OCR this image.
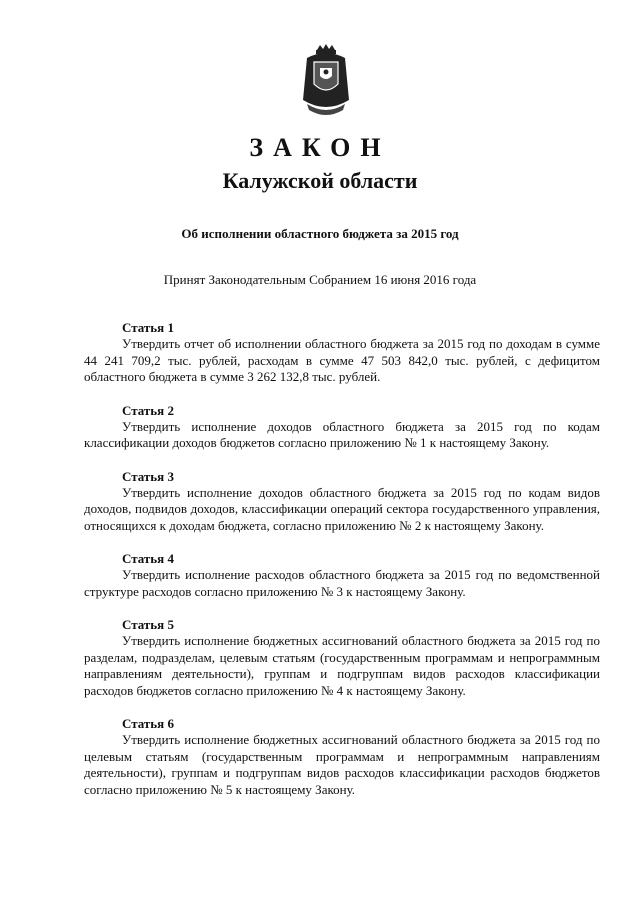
ЗАКОН
Калужской области
Об исполнении областного бюджета за 2015 год
Принят Законодательным Собранием 16 июня 2016 года
Статья 1

Утвердить отчет об исполнении областного бюджета за 2015 год по доходам в сумме 44 241 709,2 тыс. рублей, расходам в сумме 47 503 842,0 тыс. рублей, с дефицитом областного бюджета в сумме 3 262 132,8 тыс. рублей.

Статья 2

Утвердить исполнение доходов областного бюджета за 2015 год по кодам классификации доходов бюджетов согласно приложению № 1 к настоящему Закону.

Статья 3

Утвердить исполнение доходов областного бюджета за 2015 год по кодам видов доходов, подвидов доходов, классификации операций сектора государственного управления, относящихся к доходам бюджета, согласно приложению № 2 к настоящему Закону.

Статья 4

Утвердить исполнение расходов областного бюджета за 2015 год по ведомственной структуре расходов согласно приложению № 3 к настоящему Закону.

Статья 5

Утвердить исполнение бюджетных ассигнований областного бюджета за 2015 год по разделам, подразделам, целевым статьям (государственным программам и непрограммным направлениям деятельности), группам и подгруппам видов расходов классификации расходов бюджетов согласно приложению № 4 к настоящему Закону.

Статья 6

Утвердить исполнение бюджетных ассигнований областного бюджета за 2015 год по целевым статьям (государственным программам и непрограммным направлениям деятельности), группам и подгруппам видов расходов классификации расходов бюджетов согласно приложению № 5 к настоящему Закону.
